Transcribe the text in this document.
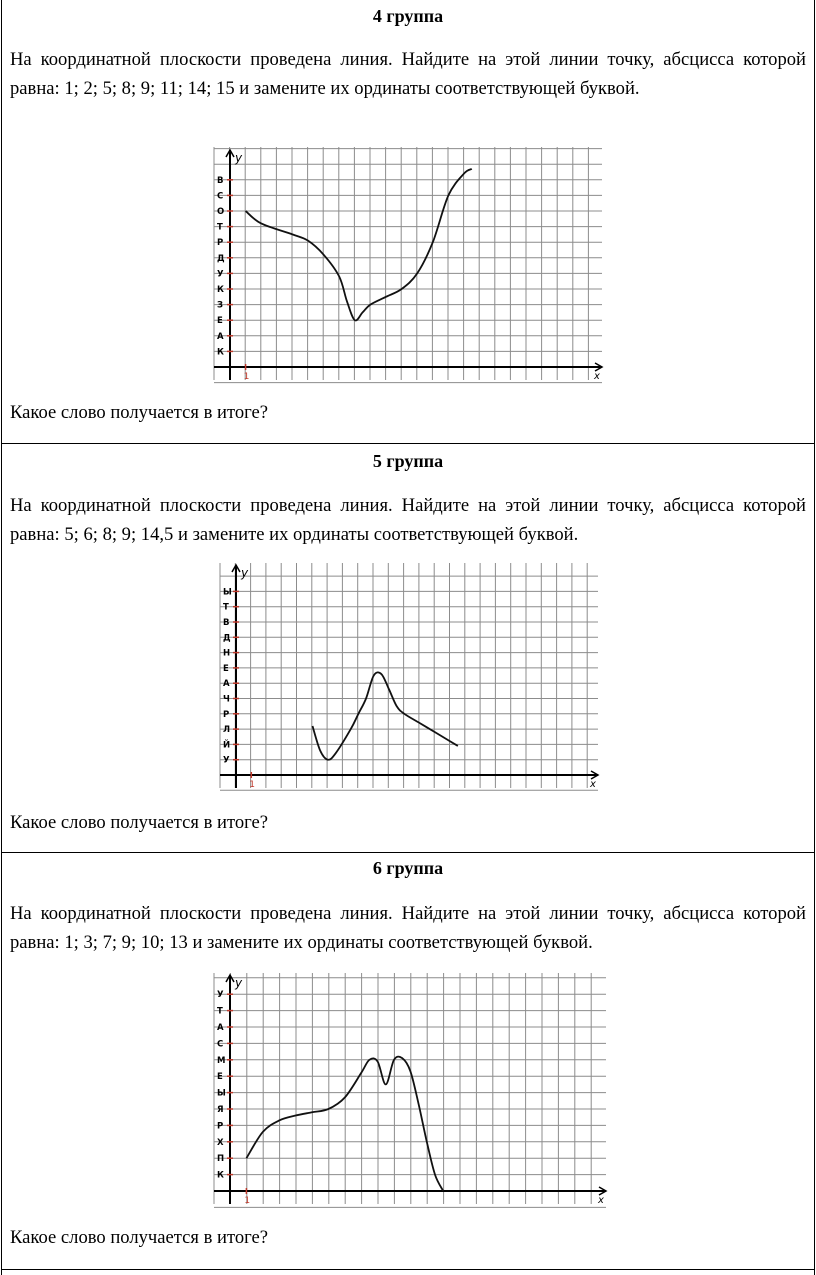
4 группа
На координатной плоскости проведена линия. Найдите на этой линии точку, абсцисса которой равна: 1; 2; 5; 8; 9; 11; 14; 15 и замените их ординаты соответствующей буквой.
x
y
1
К
А
Е
З
К
У
Д
Р
Т
О
С
В
Какое слово получается в итоге?
5 группа
На координатной плоскости проведена линия. Найдите на этой линии точку, абсцисса которой равна: 5; 6; 8; 9; 14,5 и замените их ординаты соответствующей буквой.
x
y
1
У
Й
Л
Р
Ч
А
Е
Н
Д
В
Т
Ы
Какое слово получается в итоге?
6 группа
На координатной плоскости проведена линия. Найдите на этой линии точку, абсцисса которой равна: 1; 3; 7; 9; 10; 13 и замените их ординаты соответствующей буквой.
x
y
1
К
П
Х
Р
Я
Ы
Е
М
С
А
Т
У
Какое слово получается в итоге?
